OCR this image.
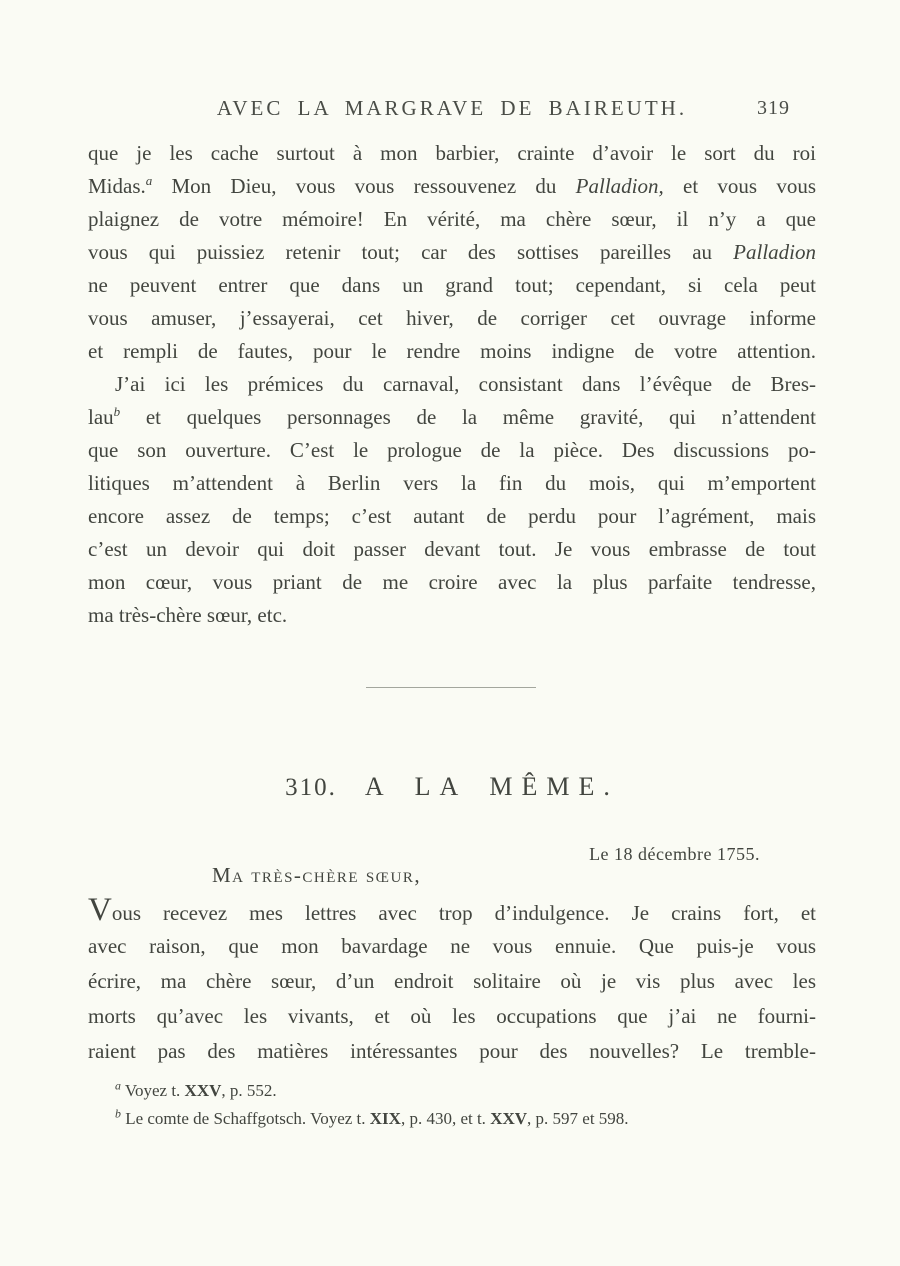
AVEC LA MARGRAVE DE BAIREUTH.	319
que je les cache surtout à mon barbier, crainte d’avoir le sort du roi
Midas.$^a$ Mon Dieu, vous vous ressouvenez du Palladion, et vous vous
plaignez de votre mémoire! En vérité, ma chère sœur, il n’y a que
vous qui puissiez retenir tout; car des sottises pareilles au Palladion
ne peuvent entrer que dans un grand tout; cependant, si cela peut
vous amuser, j’essayerai, cet hiver, de corriger cet ouvrage informe
et rempli de fautes, pour le rendre moins indigne de votre attention.
J’ai ici les prémices du carnaval, consistant dans l’évêque de Bres-
lau$^b$ et quelques personnages de la même gravité, qui n’attendent
que son ouverture. C’est le prologue de la pièce. Des discussions po-
litiques m’attendent à Berlin vers la fin du mois, qui m’emportent
encore assez de temps; c’est autant de perdu pour l’agrément, mais
c’est un devoir qui doit passer devant tout. Je vous embrasse de tout
mon cœur, vous priant de me croire avec la plus parfaite tendresse,
ma très-chère sœur, etc.
310. A LA MÊME.
Le 18 décembre 1755.
Ma très-chère sœur,
Vous recevez mes lettres avec trop d’indulgence. Je crains fort, et
avec raison, que mon bavardage ne vous ennuie. Que puis-je vous
écrire, ma chère sœur, d’un endroit solitaire où je vis plus avec les
morts qu’avec les vivants, et où les occupations que j’ai ne fourni-
raient pas des matières intéressantes pour des nouvelles? Le tremble-
$^a$ Voyez t. XXV, p. 552.
$^b$ Le comte de Schaffgotsch. Voyez t. XIX, p. 430, et t. XXV, p. 597 et 598.
